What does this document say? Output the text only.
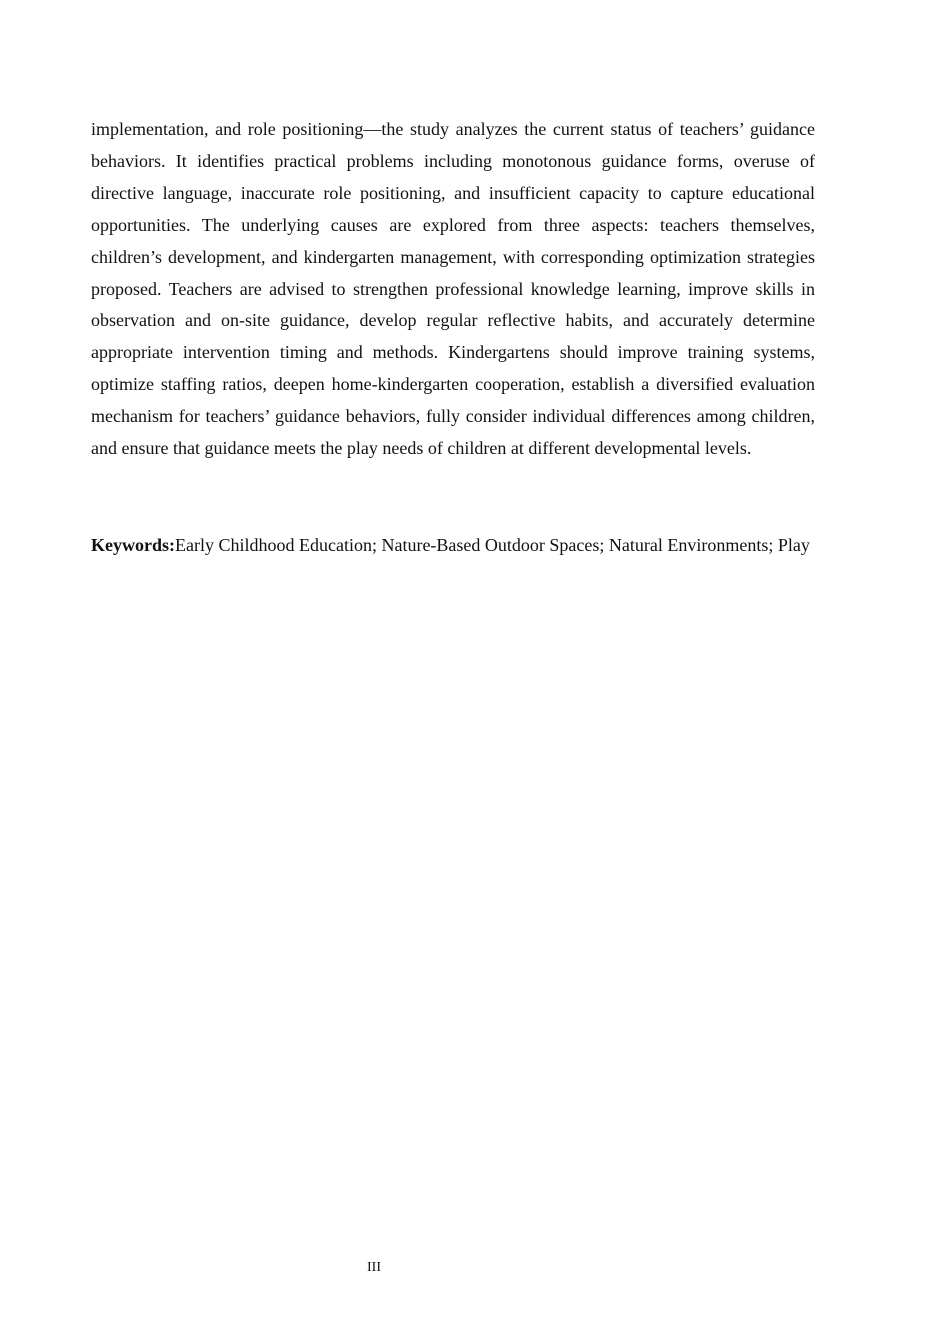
implementation, and role positioning—the study analyzes the current status of teachers’ guidance behaviors. It identifies practical problems including monotonous guidance forms, overuse of directive language, inaccurate role positioning, and insufficient capacity to capture educational opportunities. The underlying causes are explored from three aspects: teachers themselves, children’s development, and kindergarten management, with corresponding optimization strategies proposed. Teachers are advised to strengthen professional knowledge learning, improve skills in observation and on-site guidance, develop regular reflective habits, and accurately determine appropriate intervention timing and methods. Kindergartens should improve training systems, optimize staffing ratios, deepen home-kindergarten cooperation, establish a diversified evaluation mechanism for teachers’ guidance behaviors, fully consider individual differences among children, and ensure that guidance meets the play needs of children at different developmental levels.

Keywords:Early Childhood Education; Nature-Based Outdoor Spaces; Natural Environments; Play

III
